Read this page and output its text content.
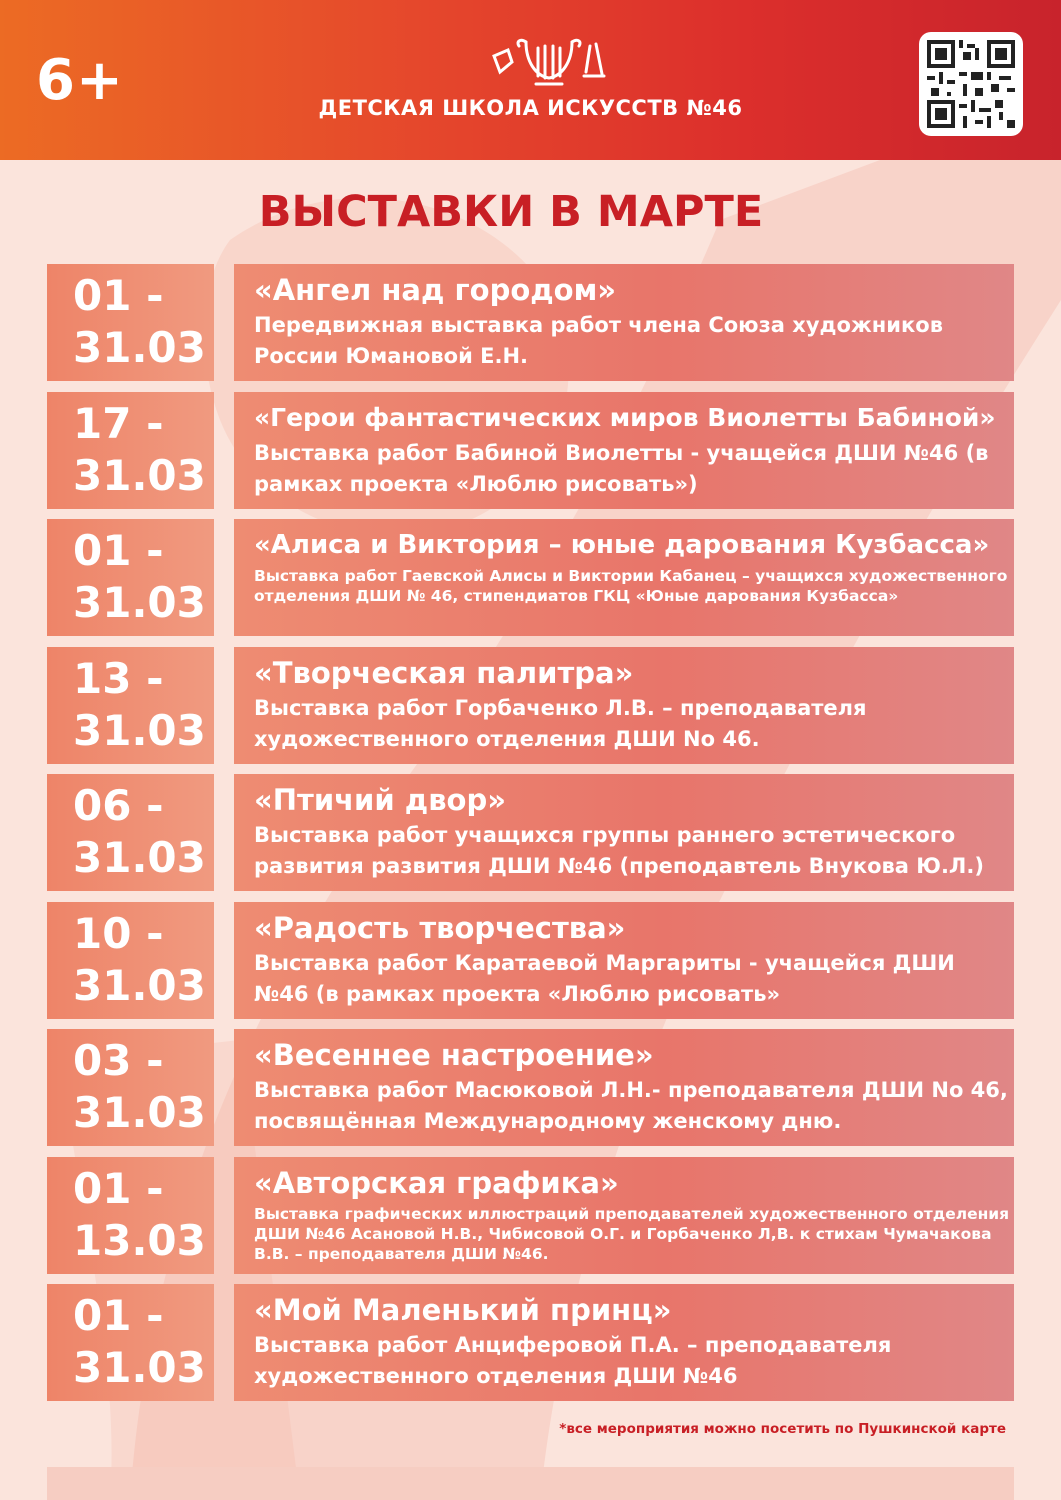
6+	ДЕТСКАЯ ШКОЛА ИСКУССТВ №46
ВЫСТАВКИ В МАРТЕ
01 -
31.03
«Ангел над городом»
Передвижная выставка работ члена Союза художников России Юмановой Е.Н.
17 -
31.03
«Герои фантастических миров Виолетты Бабиной»
Выставка работ Бабиной Виолетты - учащейся ДШИ №46 (в рамках проекта «Люблю рисовать»)
01 -
31.03
«Алиса и Виктория – юные дарования Кузбасса»
Выставка работ Гаевской Алисы и Виктории Кабанец – учащихся художественного отделения ДШИ № 46, стипендиатов ГКЦ «Юные дарования Кузбасса»
13 -
31.03
«Творческая палитра»
Выставка работ Горбаченко Л.В. – преподавателя художественного отделения ДШИ No 46.
06 -
31.03
«Птичий двор»
Выставка работ учащихся группы раннего эстетического развития развития ДШИ №46 (преподавтель Внукова Ю.Л.)
10 -
31.03
«Радость творчества»
Выставка работ Каратаевой Маргариты - учащейся ДШИ №46 (в рамках проекта «Люблю рисовать»
03 -
31.03
«Весеннее настроение»
Выставка работ Масюковой Л.Н.- преподавателя ДШИ No 46, посвящённая Международному женскому дню.
01 -
13.03
«Авторская графика»
Выставка графических иллюстраций преподавателей художественного отделения ДШИ №46 Асановой Н.В., Чибисовой О.Г. и Горбаченко Л,В. к стихам Чумачакова В.В. – преподавателя ДШИ №46.
01 -
31.03
«Мой Маленький принц»
Выставка работ Анциферовой П.А. – преподавателя художественного отделения ДШИ №46
*все мероприятия можно посетить по Пушкинской карте
